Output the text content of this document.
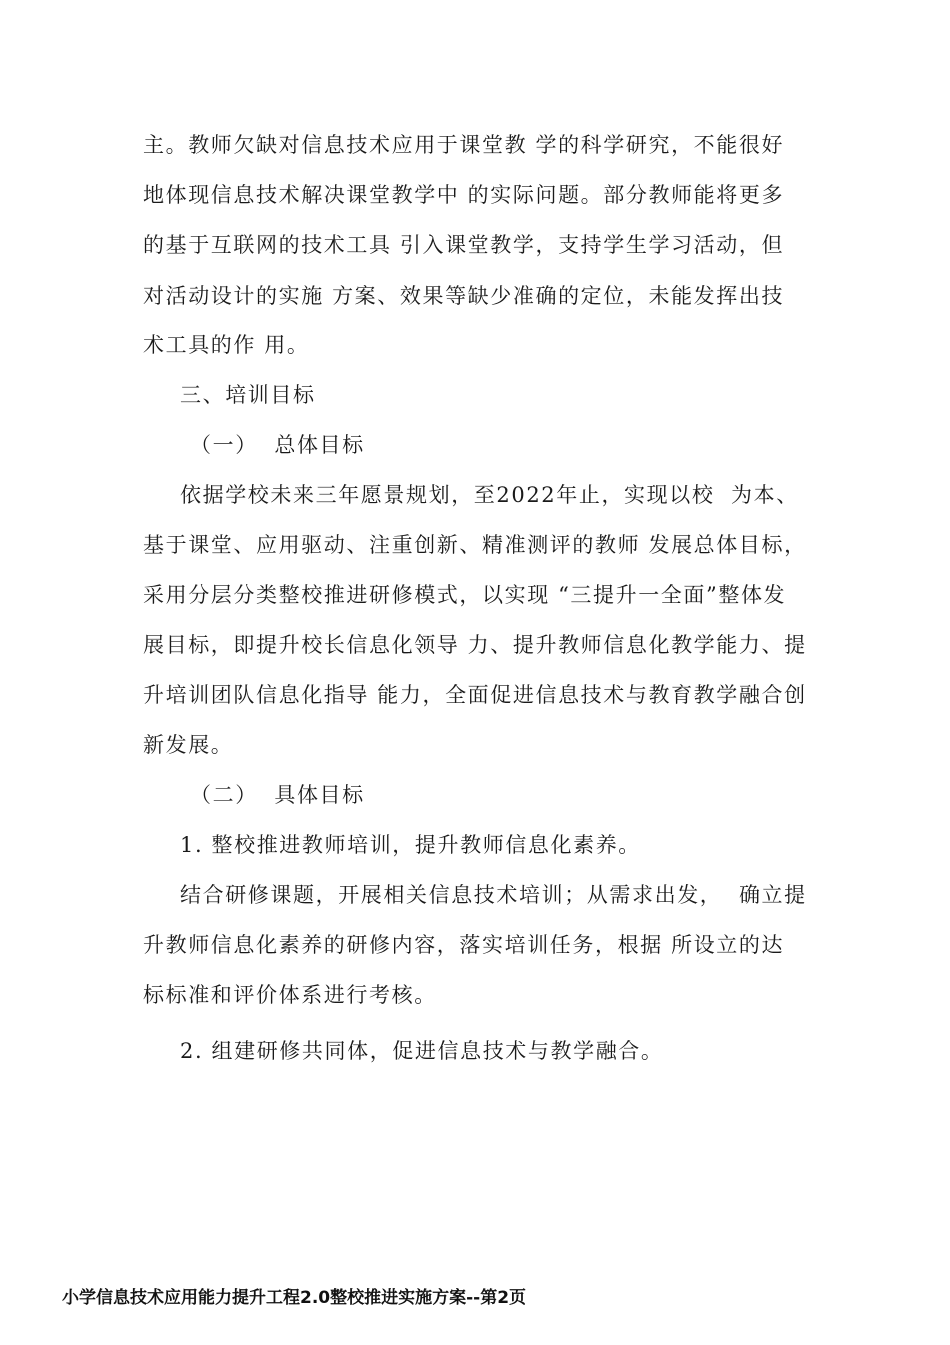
主。教师欠缺对信息技术应用于课堂教 学的科学研究，不能很好
地体现信息技术解决课堂教学中 的实际问题。部分教师能将更多
的基于互联网的技术工具 引入课堂教学，支持学生学习活动，但
对活动设计的实施 方案、效果等缺少准确的定位，未能发挥出技
术工具的作 用。
三、培训目标
（一）  总体目标
依据学校未来三年愿景规划，至2022年止，实现以校  为本、
基于课堂、应用驱动、注重创新、精准测评的教师 发展总体目标，
采用分层分类整校推进研修模式，以实现 “三提升一全面”整体发
展目标，即提升校长信息化领导 力、提升教师信息化教学能力、提
升培训团队信息化指导 能力，全面促进信息技术与教育教学融合创
新发展。
（二）  具体目标
1. 整校推进教师培训，提升教师信息化素养。
结合研修课题，开展相关信息技术培训；从需求出发，  确立提
升教师信息化素养的研修内容，落实培训任务，根据 所设立的达
标标准和评价体系进行考核。
2. 组建研修共同体，促进信息技术与教学融合。
小学信息技术应用能力提升工程2.0整校推进实施方案--第2页
